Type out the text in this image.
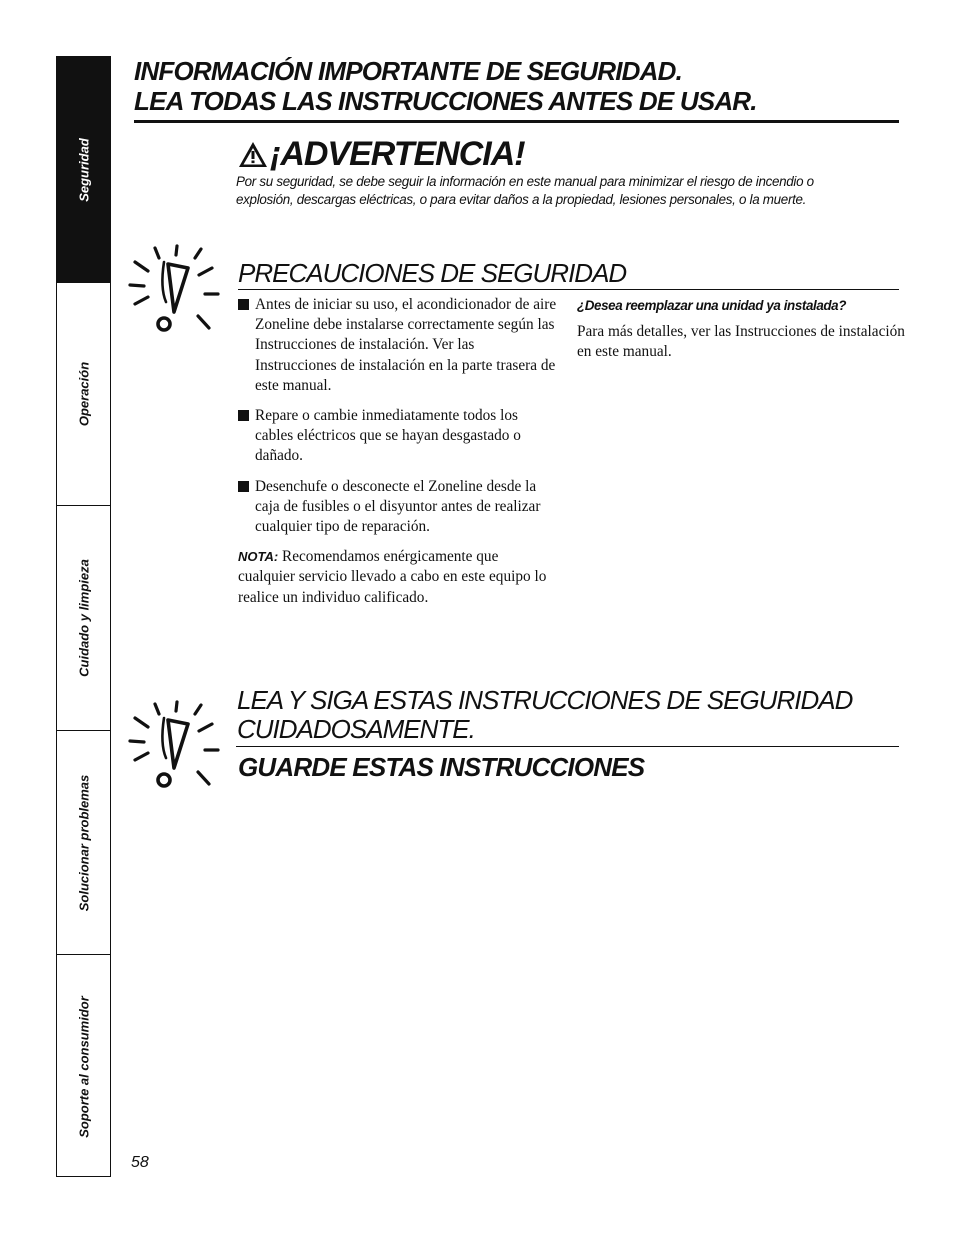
Seguridad
Operación
Cuidado y limpieza
Solucionar problemas
Soporte al consumidor
INFORMACIÓN IMPORTANTE DE SEGURIDAD.
LEA TODAS LAS INSTRUCCIONES ANTES DE USAR.
¡ADVERTENCIA!
Por su seguridad, se debe seguir la información en este manual para minimizar el riesgo de incendio o explosión, descargas eléctricas, o para evitar daños a la propiedad, lesiones personales, o la muerte.
PRECAUCIONES DE SEGURIDAD
Antes de iniciar su uso, el acondicionador de aire Zoneline debe instalarse correctamente según las Instrucciones de instalación. Ver las Instrucciones de instalación en la parte trasera de este manual.
Repare o cambie inmediatamente todos los cables eléctricos que se hayan desgastado o dañado.
Desenchufe o desconecte el Zoneline desde la caja de fusibles o el disyuntor antes de realizar cualquier tipo de reparación.
NOTA: Recomendamos enérgicamente que cualquier servicio llevado a cabo en este equipo lo realice un individuo calificado.
¿Desea reemplazar una unidad ya instalada?
Para más detalles, ver las Instrucciones de instalación en este manual.
LEA Y SIGA ESTAS INSTRUCCIONES DE SEGURIDAD
CUIDADOSAMENTE.
GUARDE ESTAS INSTRUCCIONES
58
